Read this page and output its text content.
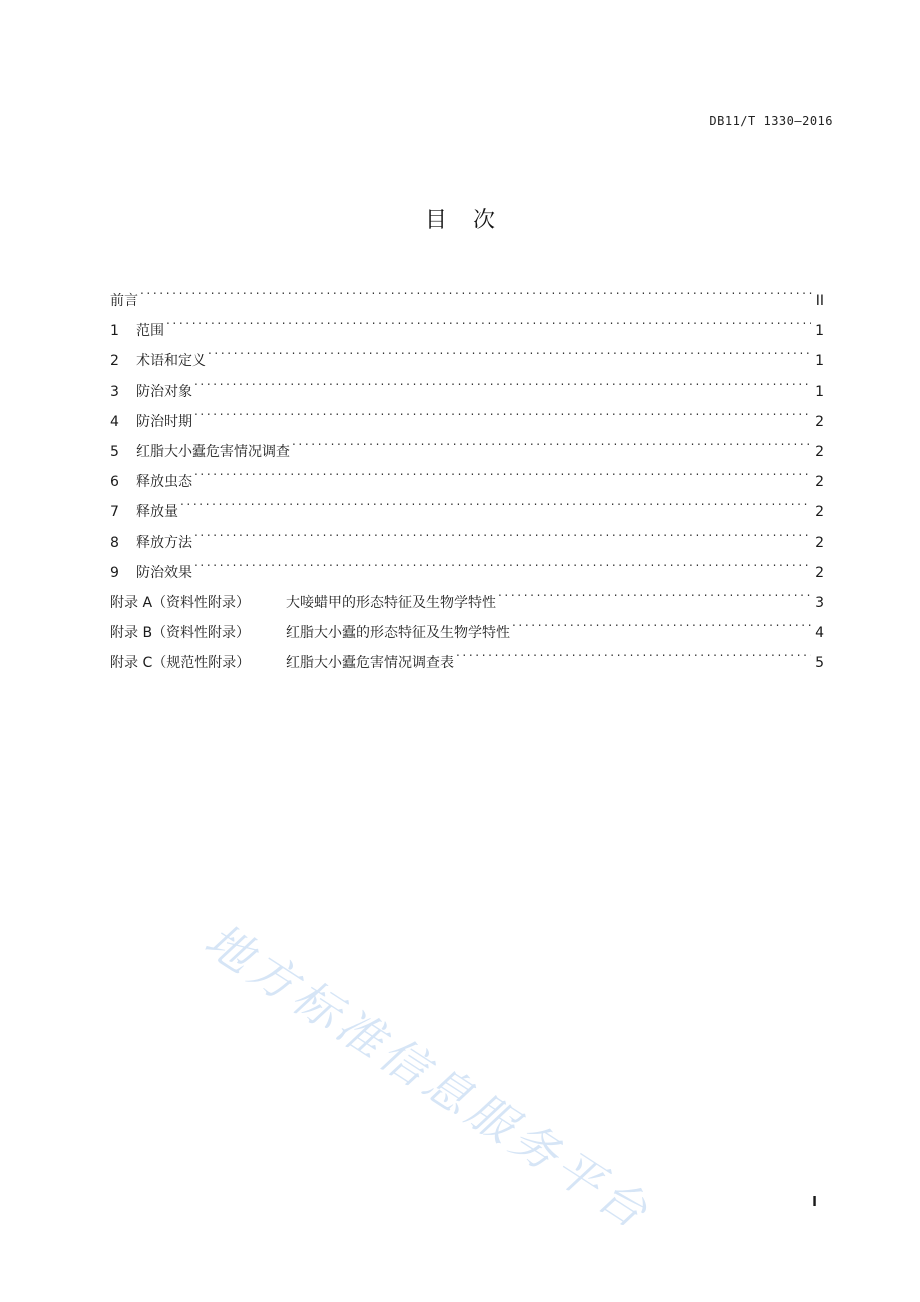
DB11/T 1330—2016
目次
前言 . . .	II
1	范围 . . .	1
2	术语和定义 . . .	1
3	防治对象 . . .	1
4	防治时期 . . .	2
5	红脂大小蠹危害情况调查 . . .	2
6	释放虫态 . . .	2
7	释放量 . . .	2
8	释放方法 . . .	2
9	防治效果 . . .	2
附录 A（资料性附录）	大唼蜡甲的形态特征及生物学特性 . . .	3
附录 B（资料性附录）	红脂大小蠹的形态特征及生物学特性 . . .	4
附录 C（规范性附录）	红脂大小蠹危害情况调查表 . . .	5
地方标准信息服务平台	I
